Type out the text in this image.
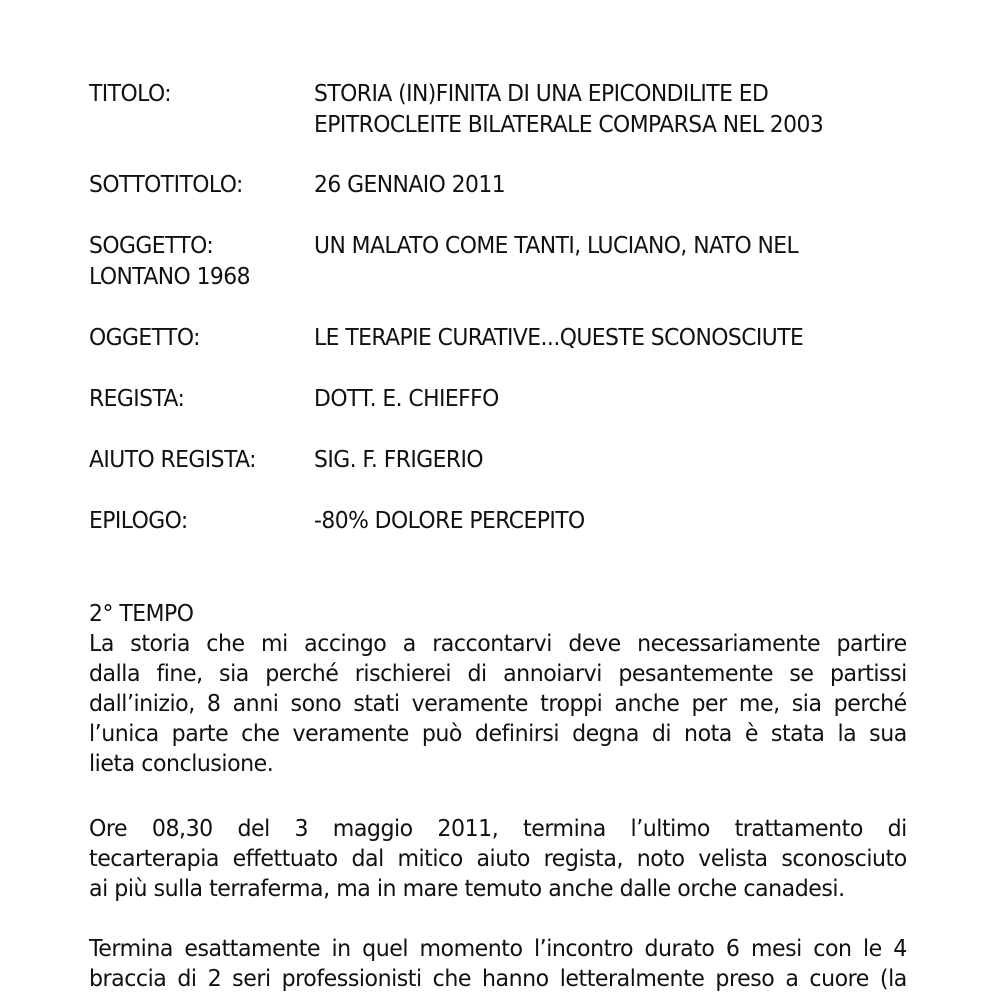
TITOLO:	STORIA (IN)FINITA DI UNA EPICONDILITE ED
EPITROCLEITE BILATERALE COMPARSA NEL 2003
SOTTOTITOLO:	26 GENNAIO 2011
SOGGETTO:	UN MALATO COME TANTI, LUCIANO, NATO NEL
LONTANO 1968
OGGETTO:	LE TERAPIE CURATIVE...QUESTE SCONOSCIUTE
REGISTA:	DOTT. E. CHIEFFO
AIUTO REGISTA: SIG. F. FRIGERIO
EPILOGO:	-80% DOLORE PERCEPITO
2° TEMPO
La storia che mi accingo a raccontarvi deve necessariamente partire
dalla fine, sia perché rischierei di annoiarvi pesantemente se partissi
dall’inizio, 8 anni sono stati veramente troppi anche per me, sia perché
l’unica parte che veramente può definirsi degna di nota è stata la sua
lieta conclusione.
Ore 08,30 del 3 maggio 2011, termina l’ultimo trattamento di
tecarterapia effettuato dal mitico aiuto regista, noto velista sconosciuto
ai più sulla terraferma, ma in mare temuto anche dalle orche canadesi.
Termina esattamente in quel momento l’incontro durato 6 mesi con le 4
braccia di 2 seri professionisti che hanno letteralmente preso a cuore (la
